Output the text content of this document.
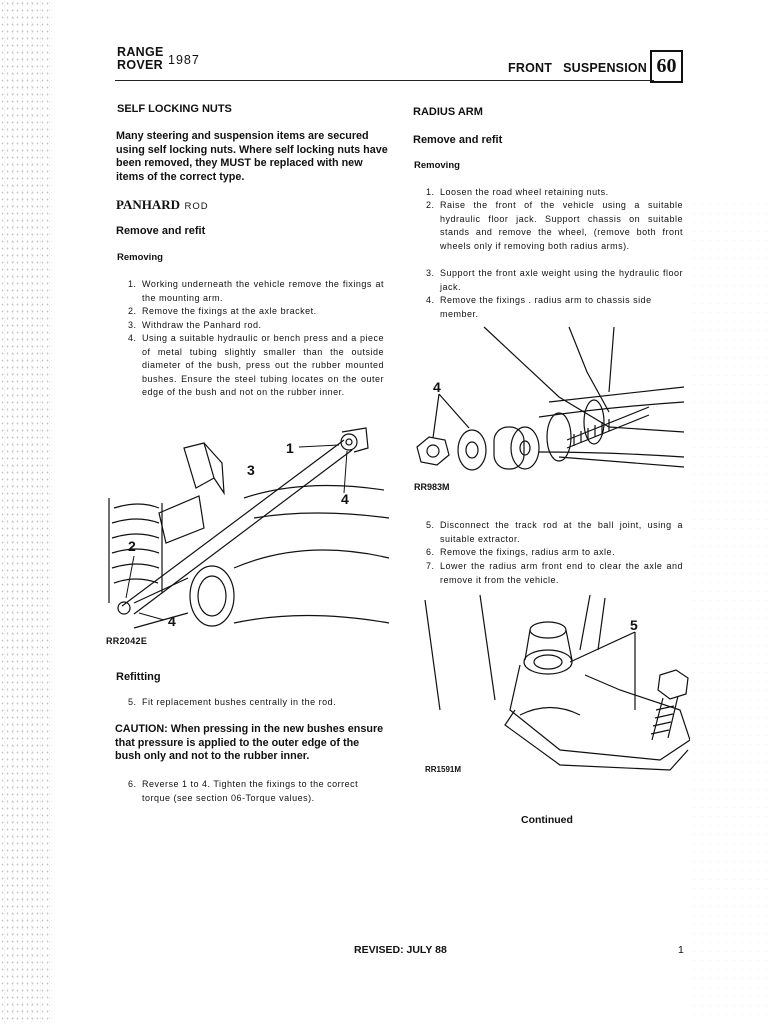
RANGE
ROVER 1987
FRONT   SUSPENSION 60
SELF LOCKING NUTS
Many steering and suspension items are secured using self locking nuts. Where self locking nuts have been removed, they MUST be replaced with new items of the correct type.
PANHARD ROD
Remove and refit
Removing
1. Working underneath the vehicle remove the fixings at the mounting arm.
2. Remove the fixings at the axle bracket.
3. Withdraw the Panhard rod.
4. Using a suitable hydraulic or bench press and a piece of metal tubing slightly smaller than the outside diameter of the bush, press out the rubber mounted bushes. Ensure the steel tubing locates on the outer edge of the bush and not on the rubber inner.
1
3
4
2
4
RR2042E
Refitting
5. Fit replacement bushes centrally in the rod.
CAUTION: When pressing in the new bushes ensure that pressure is applied to the outer edge of the bush only and not to the rubber inner.
6. Reverse 1 to 4. Tighten the fixings to the correct torque (see section 06-Torque values).
RADIUS ARM
Remove and refit
Removing
1. Loosen the road wheel retaining nuts.
2. Raise the front of the vehicle using a suitable hydraulic floor jack. Support chassis on suitable stands and remove the wheel, (remove both front wheels only if removing both radius arms).
3. Support the front axle weight using the hydraulic floor jack.
4. Remove the fixings . radius arm to chassis side member.
4
RR983M
5. Disconnect the track rod at the ball joint, using a suitable extractor.
6. Remove the fixings, radius arm to axle.
7. Lower the radius arm front end to clear the axle and remove it from the vehicle.
5
RR1591M
Continued
REVISED: JULY 88	1
